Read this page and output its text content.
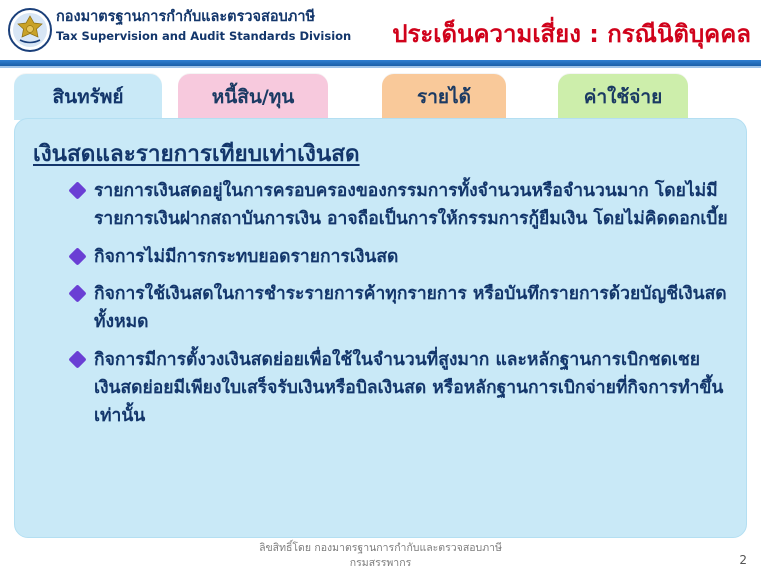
กองมาตรฐานการกำกับและตรวจสอบภาษี
Tax Supervision and Audit Standards Division ประเด็นความเสี่ยง : กรณีนิติบุคคล
สินทรัพย์	หนี้สิน/ทุน	รายได้	ค่าใช้จ่าย
เงินสดและรายการเทียบเท่าเงินสด
รายการเงินสดอยู่ในการครอบครองของกรรมการทั้งจำนวนหรือจำนวนมาก โดยไม่มีรายการเงินฝากสถาบันการเงิน อาจถือเป็นการให้กรรมการกู้ยืมเงิน โดยไม่คิดดอกเบี้ย
กิจการไม่มีการกระทบยอดรายการเงินสด
กิจการใช้เงินสดในการชำระรายการค้าทุกรายการ หรือบันทึกรายการด้วยบัญชีเงินสดทั้งหมด
กิจการมีการตั้งวงเงินสดย่อยเพื่อใช้ในจำนวนที่สูงมาก และหลักฐานการเบิกชดเชยเงินสดย่อยมีเพียงใบเสร็จรับเงินหรือบิลเงินสด หรือหลักฐานการเบิกจ่ายที่กิจการทำขึ้นเท่านั้น
ลิขสิทธิ์โดย กองมาตรฐานการกำกับและตรวจสอบภาษี
กรมสรรพากร	2
